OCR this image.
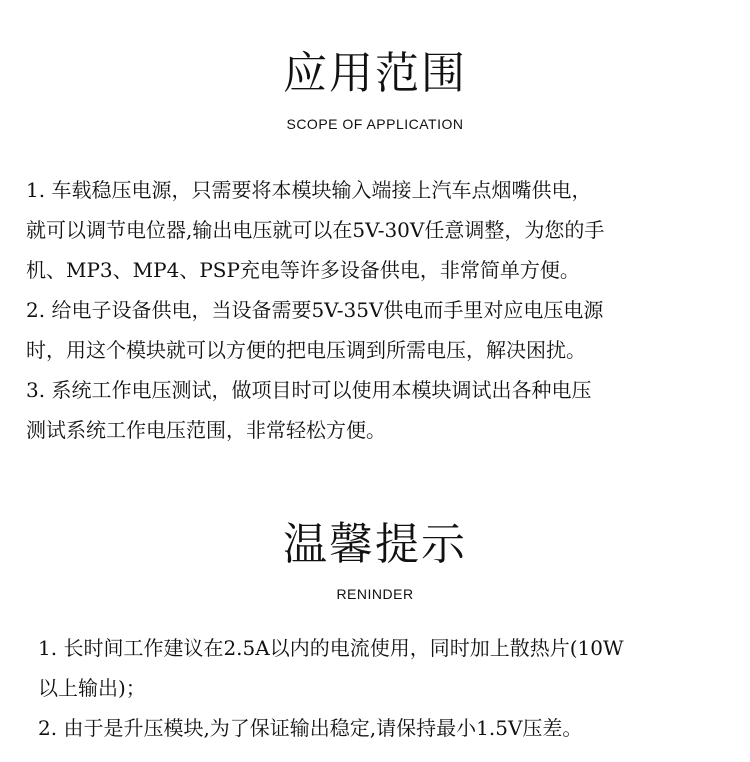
应用范围
SCOPE OF APPLICATION
1. 车载稳压电源，只需要将本模块输入端接上汽车点烟嘴供电，
就可以调节电位器,输出电压就可以在5V-30V任意调整，为您的手
机、MP3、MP4、PSP充电等许多设备供电，非常简单方便。
2. 给电子设备供电，当设备需要5V-35V供电而手里对应电压电源
时，用这个模块就可以方便的把电压调到所需电压，解决困扰。
3. 系统工作电压测试，做项目时可以使用本模块调试出各种电压
测试系统工作电压范围，非常轻松方便。
温馨提示
RENINDER
1. 长时间工作建议在2.5A以内的电流使用，同时加上散热片(10W
以上输出)；
2. 由于是升压模块,为了保证输出稳定,请保持最小1.5V压差。
